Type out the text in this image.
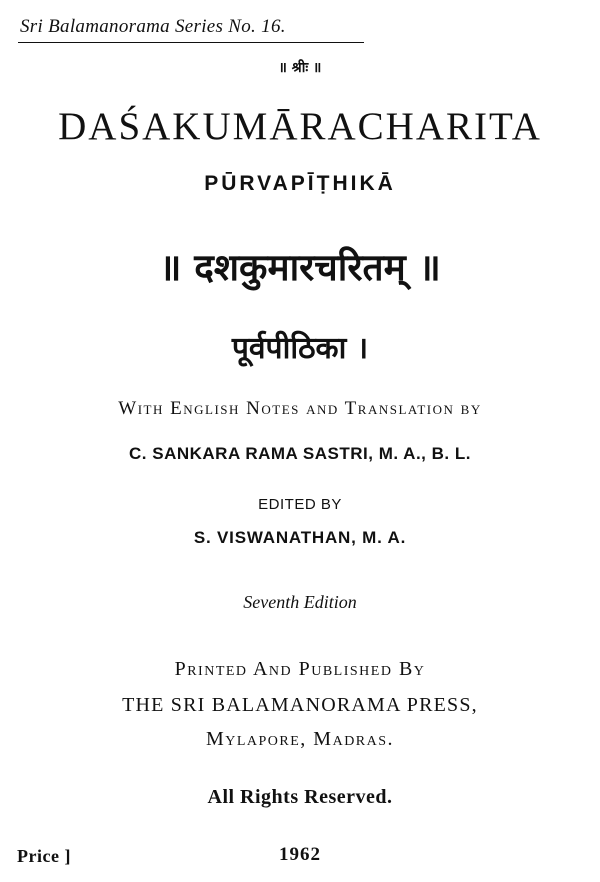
Sri Balamanorama Series No. 16.
॥ श्रीः ॥
DAŚAKUMĀRACHARITA
PŪRVAPĪṬHIKĀ
॥ दशकुमारचरितम् ॥
पूर्वपीठिका ।
With English Notes and Translation by
C. SANKARA RAMA SASTRI, M. A., B. L.
EDITED BY
S. VISWANATHAN, M. A.
Seventh Edition
Printed And Published By
THE SRI BALAMANORAMA PRESS,
Mylapore, Madras.
All Rights Reserved.
Price ]	1962
